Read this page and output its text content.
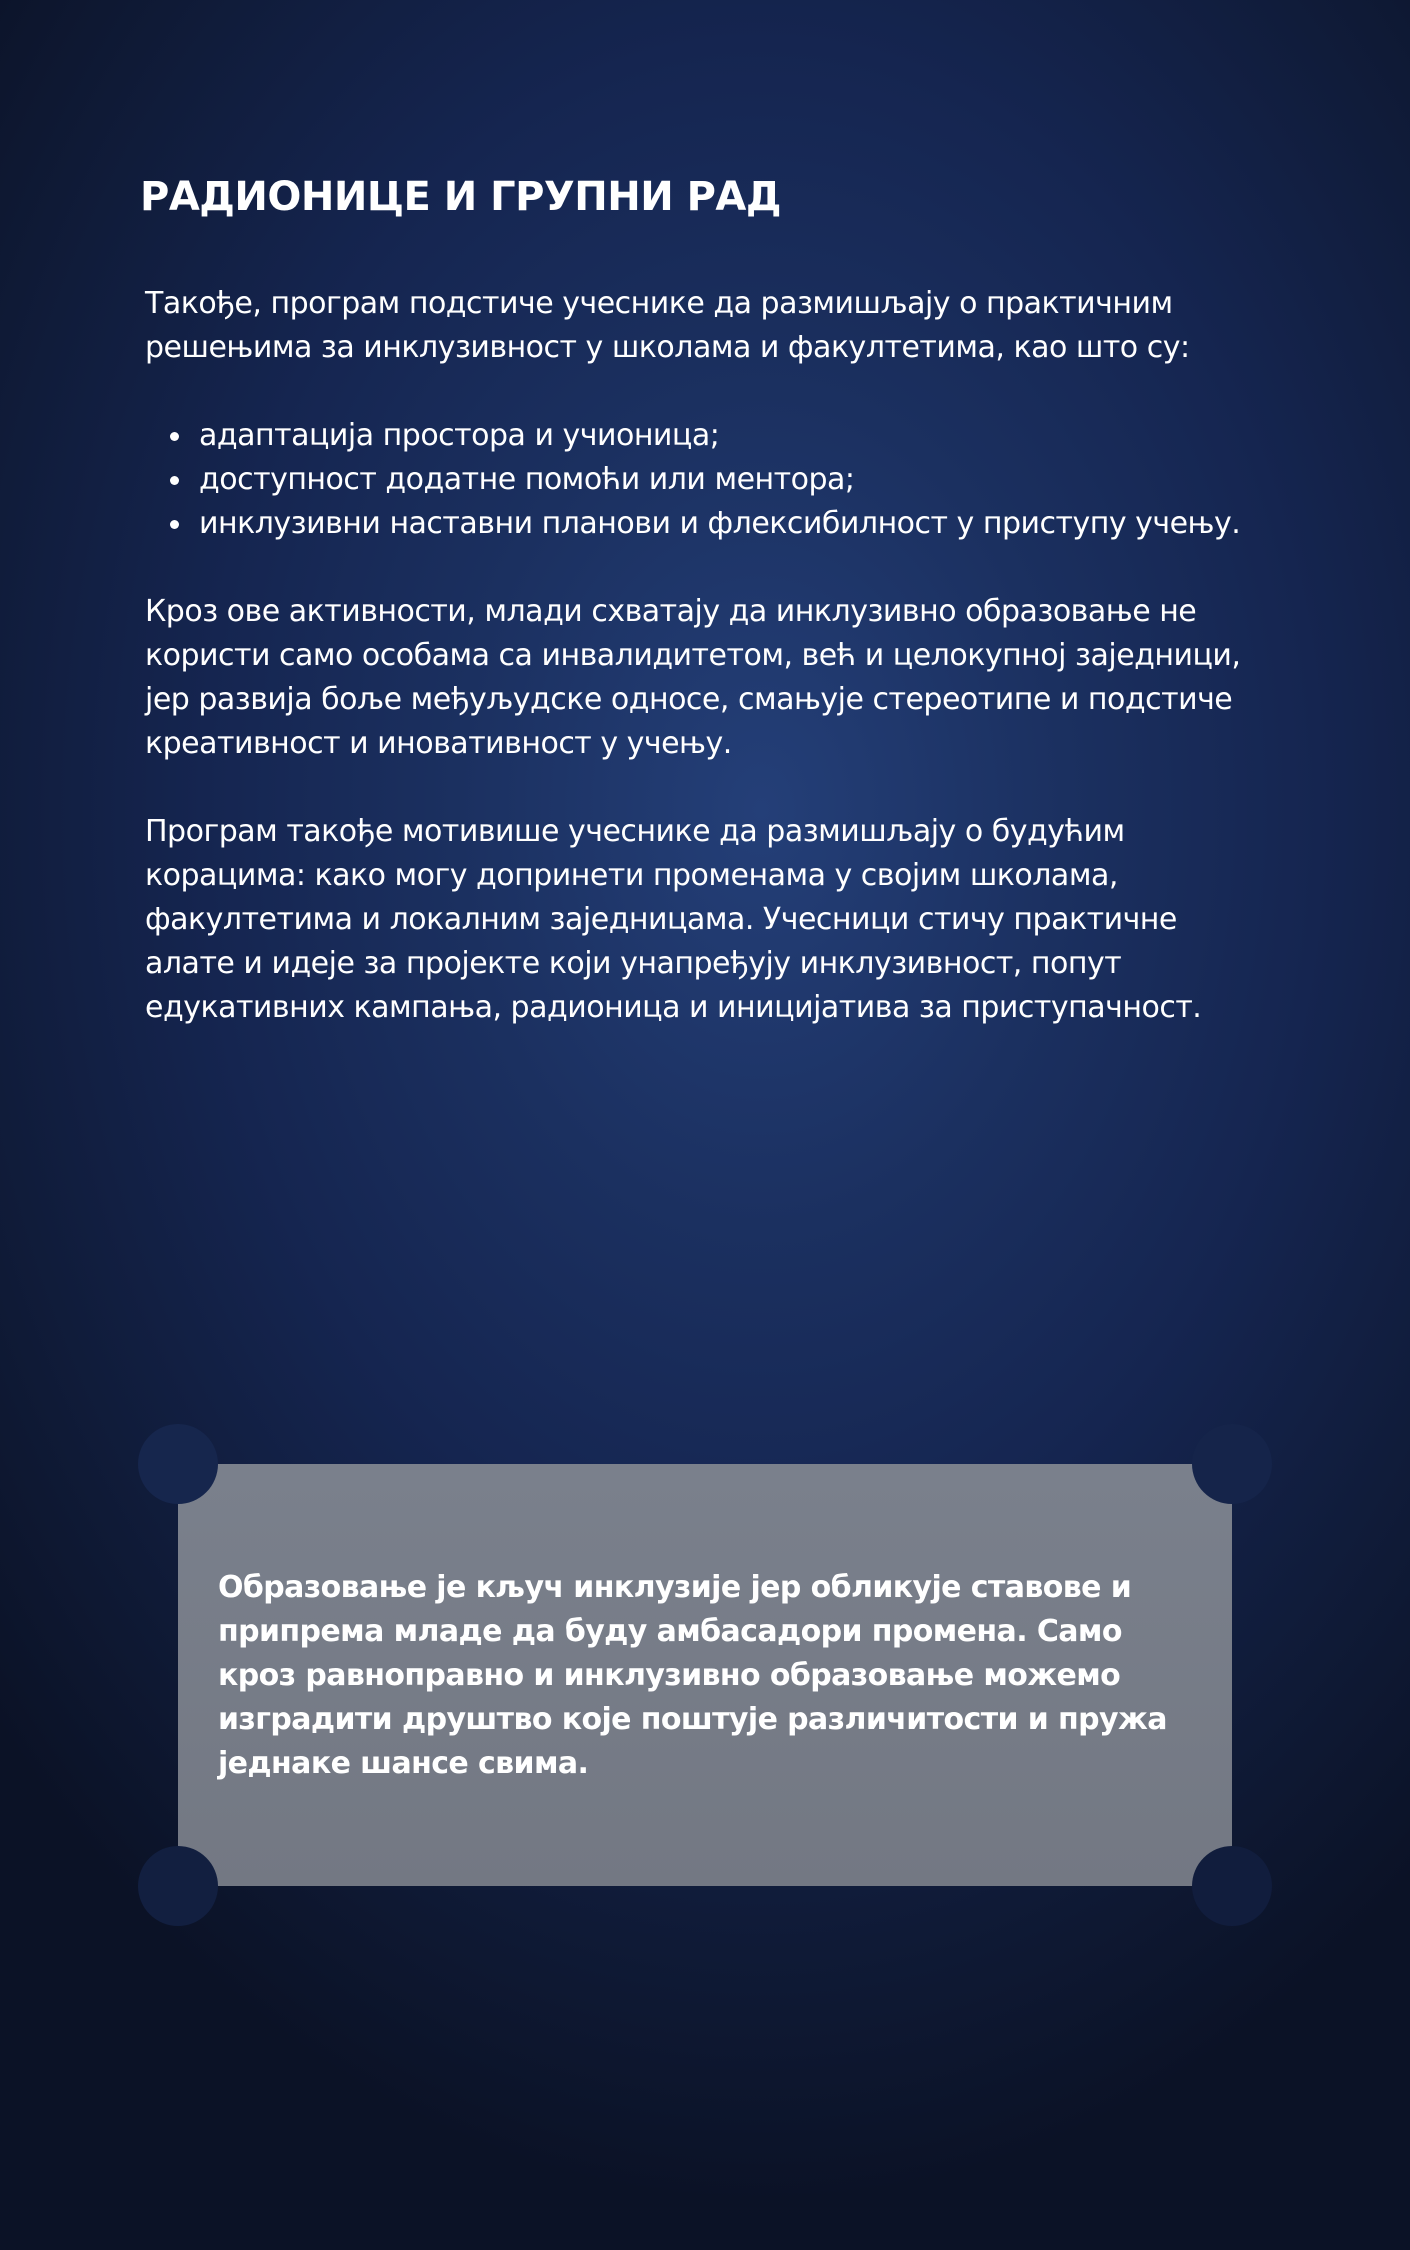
РАДИОНИЦЕ И ГРУПНИ РАД

Такође, програм подстиче учеснике да размишљају о практичним решењима за инклузивност у школама и факултетима, као што су:

адаптација простора и учионица;
доступност додатне помоћи или ментора;
инклузивни наставни планови и флексибилност у приступу учењу.

Кроз ове активности, млади схватају да инклузивно образовање не користи само особама са инвалидитетом, већ и целокупној заједници, јер развија боље међуљудске односе, смањује стереотипе и подстиче креативност и иновативност у учењу.

Програм такође мотивише учеснике да размишљају о будућим корацима: како могу допринети променама у својим школама, факултетима и локалним заједницама. Учесници стичу практичне алате и идеје за пројекте који унапређују инклузивност, попут едукативних кампања, радионица и иницијатива за приступачност.

Образовање је кључ инклузије јер обликује ставове и припрема младе да буду амбасадори промена. Само кроз равноправно и инклузивно образовање можемо изградити друштво које поштује различитости и пружа једнаке шансе свима.
